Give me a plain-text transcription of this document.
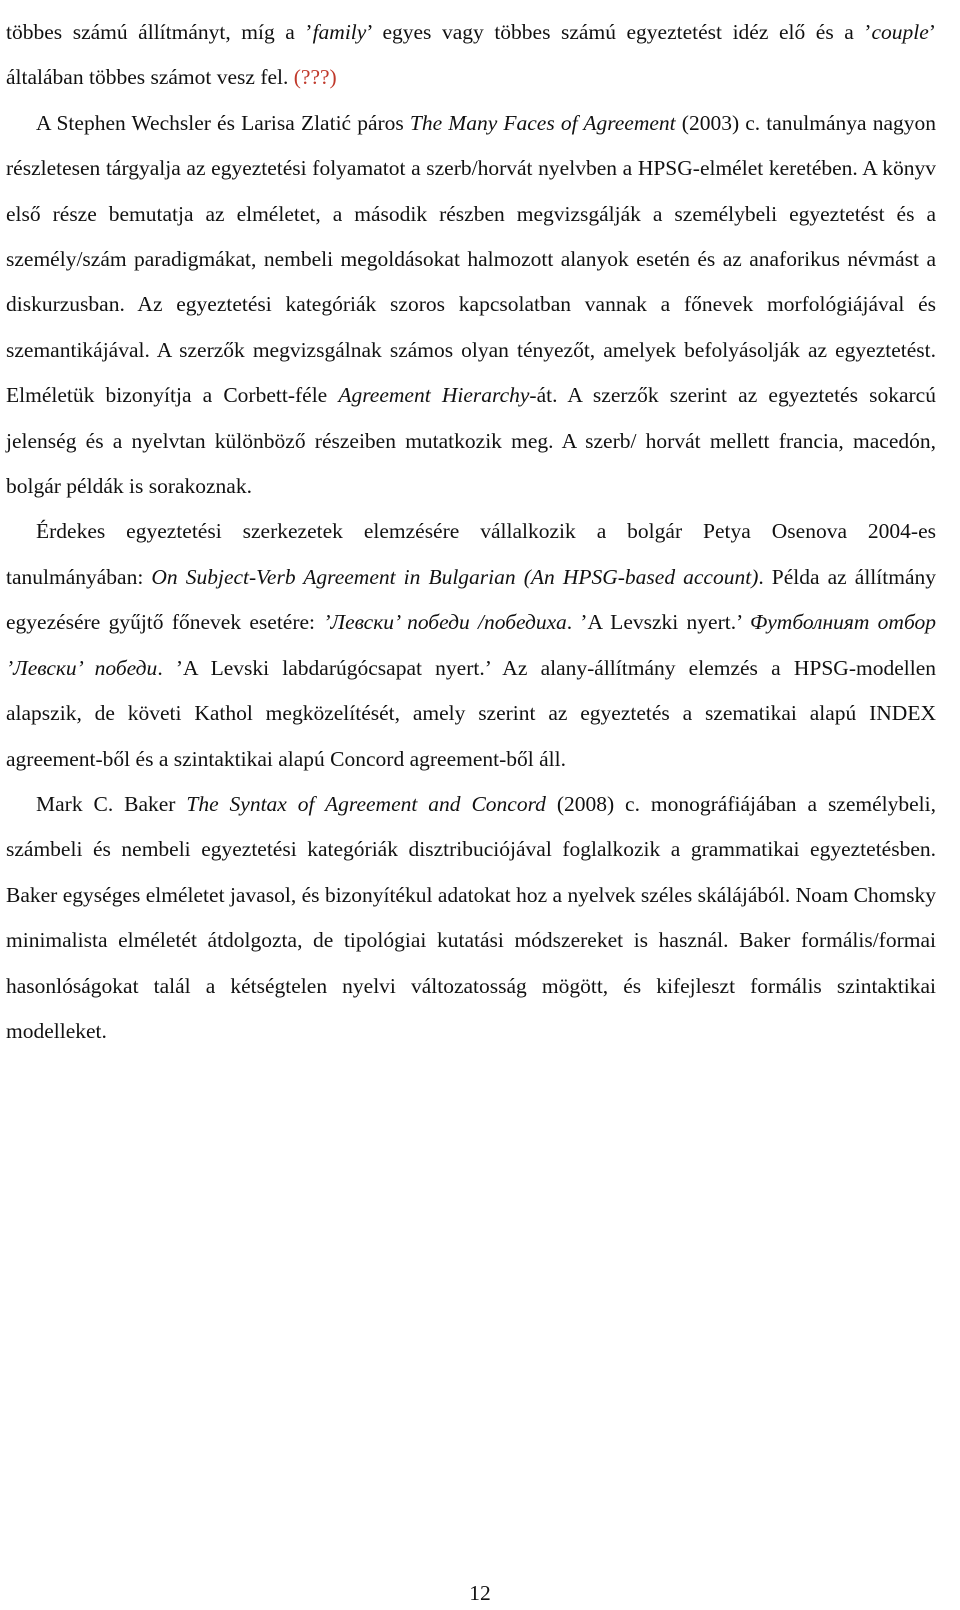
többes számú állítmányt, míg a ’family’ egyes vagy többes számú egyeztetést idéz elő és a ’couple’ általában többes számot vesz fel. (???)

A Stephen Wechsler és Larisa Zlatić páros The Many Faces of Agreement (2003) c. tanulmánya nagyon részletesen tárgyalja az egyeztetési folyamatot a szerb/horvát nyelvben a HPSG-elmélet keretében. A könyv első része bemutatja az elméletet, a második részben megvizsgálják a személybeli egyeztetést és a személy/szám paradigmákat, nembeli megoldásokat halmozott alanyok esetén és az anaforikus névmást a diskurzusban. Az egyeztetési kategóriák szoros kapcsolatban vannak a főnevek morfológiájával és szemantikájával. A szerzők megvizsgálnak számos olyan tényezőt, amelyek befolyásolják az egyeztetést. Elméletük bizonyítja a Corbett-féle Agreement Hierarchy-át. A szerzők szerint az egyeztetés sokarcú jelenség és a nyelvtan különböző részeiben mutatkozik meg. A szerb/ horvát mellett francia, macedón, bolgár példák is sorakoznak.

Érdekes egyeztetési szerkezetek elemzésére vállalkozik a bolgár Petya Osenova 2004-es tanulmányában: On Subject-Verb Agreement in Bulgarian (An HPSG-based account). Példa az állítmány egyezésére gyűjtő főnevek esetére: ’Левски’ победи /победиха. ’A Levszki nyert.’ Футболният отбор ’Левски’ победи. ’A Levski labdarúgócsapat nyert.’ Az alany-állítmány elemzés a HPSG-modellen alapszik, de követi Kathol megközelítését, amely szerint az egyeztetés a szematikai alapú INDEX agreement-ből és a szintaktikai alapú Concord agreement-ből áll.

Mark C. Baker The Syntax of Agreement and Concord (2008) c. monográfiájában a személybeli, számbeli és nembeli egyeztetési kategóriák disztribuciójával foglalkozik a grammatikai egyeztetésben. Baker egységes elméletet javasol, és bizonyítékul adatokat hoz a nyelvek széles skálájából. Noam Chomsky minimalista elméletét átdolgozta, de tipológiai kutatási módszereket is használ. Baker formális/formai hasonlóságokat talál a kétségtelen nyelvi változatosság mögött, és kifejleszt formális szintaktikai modelleket.

12
